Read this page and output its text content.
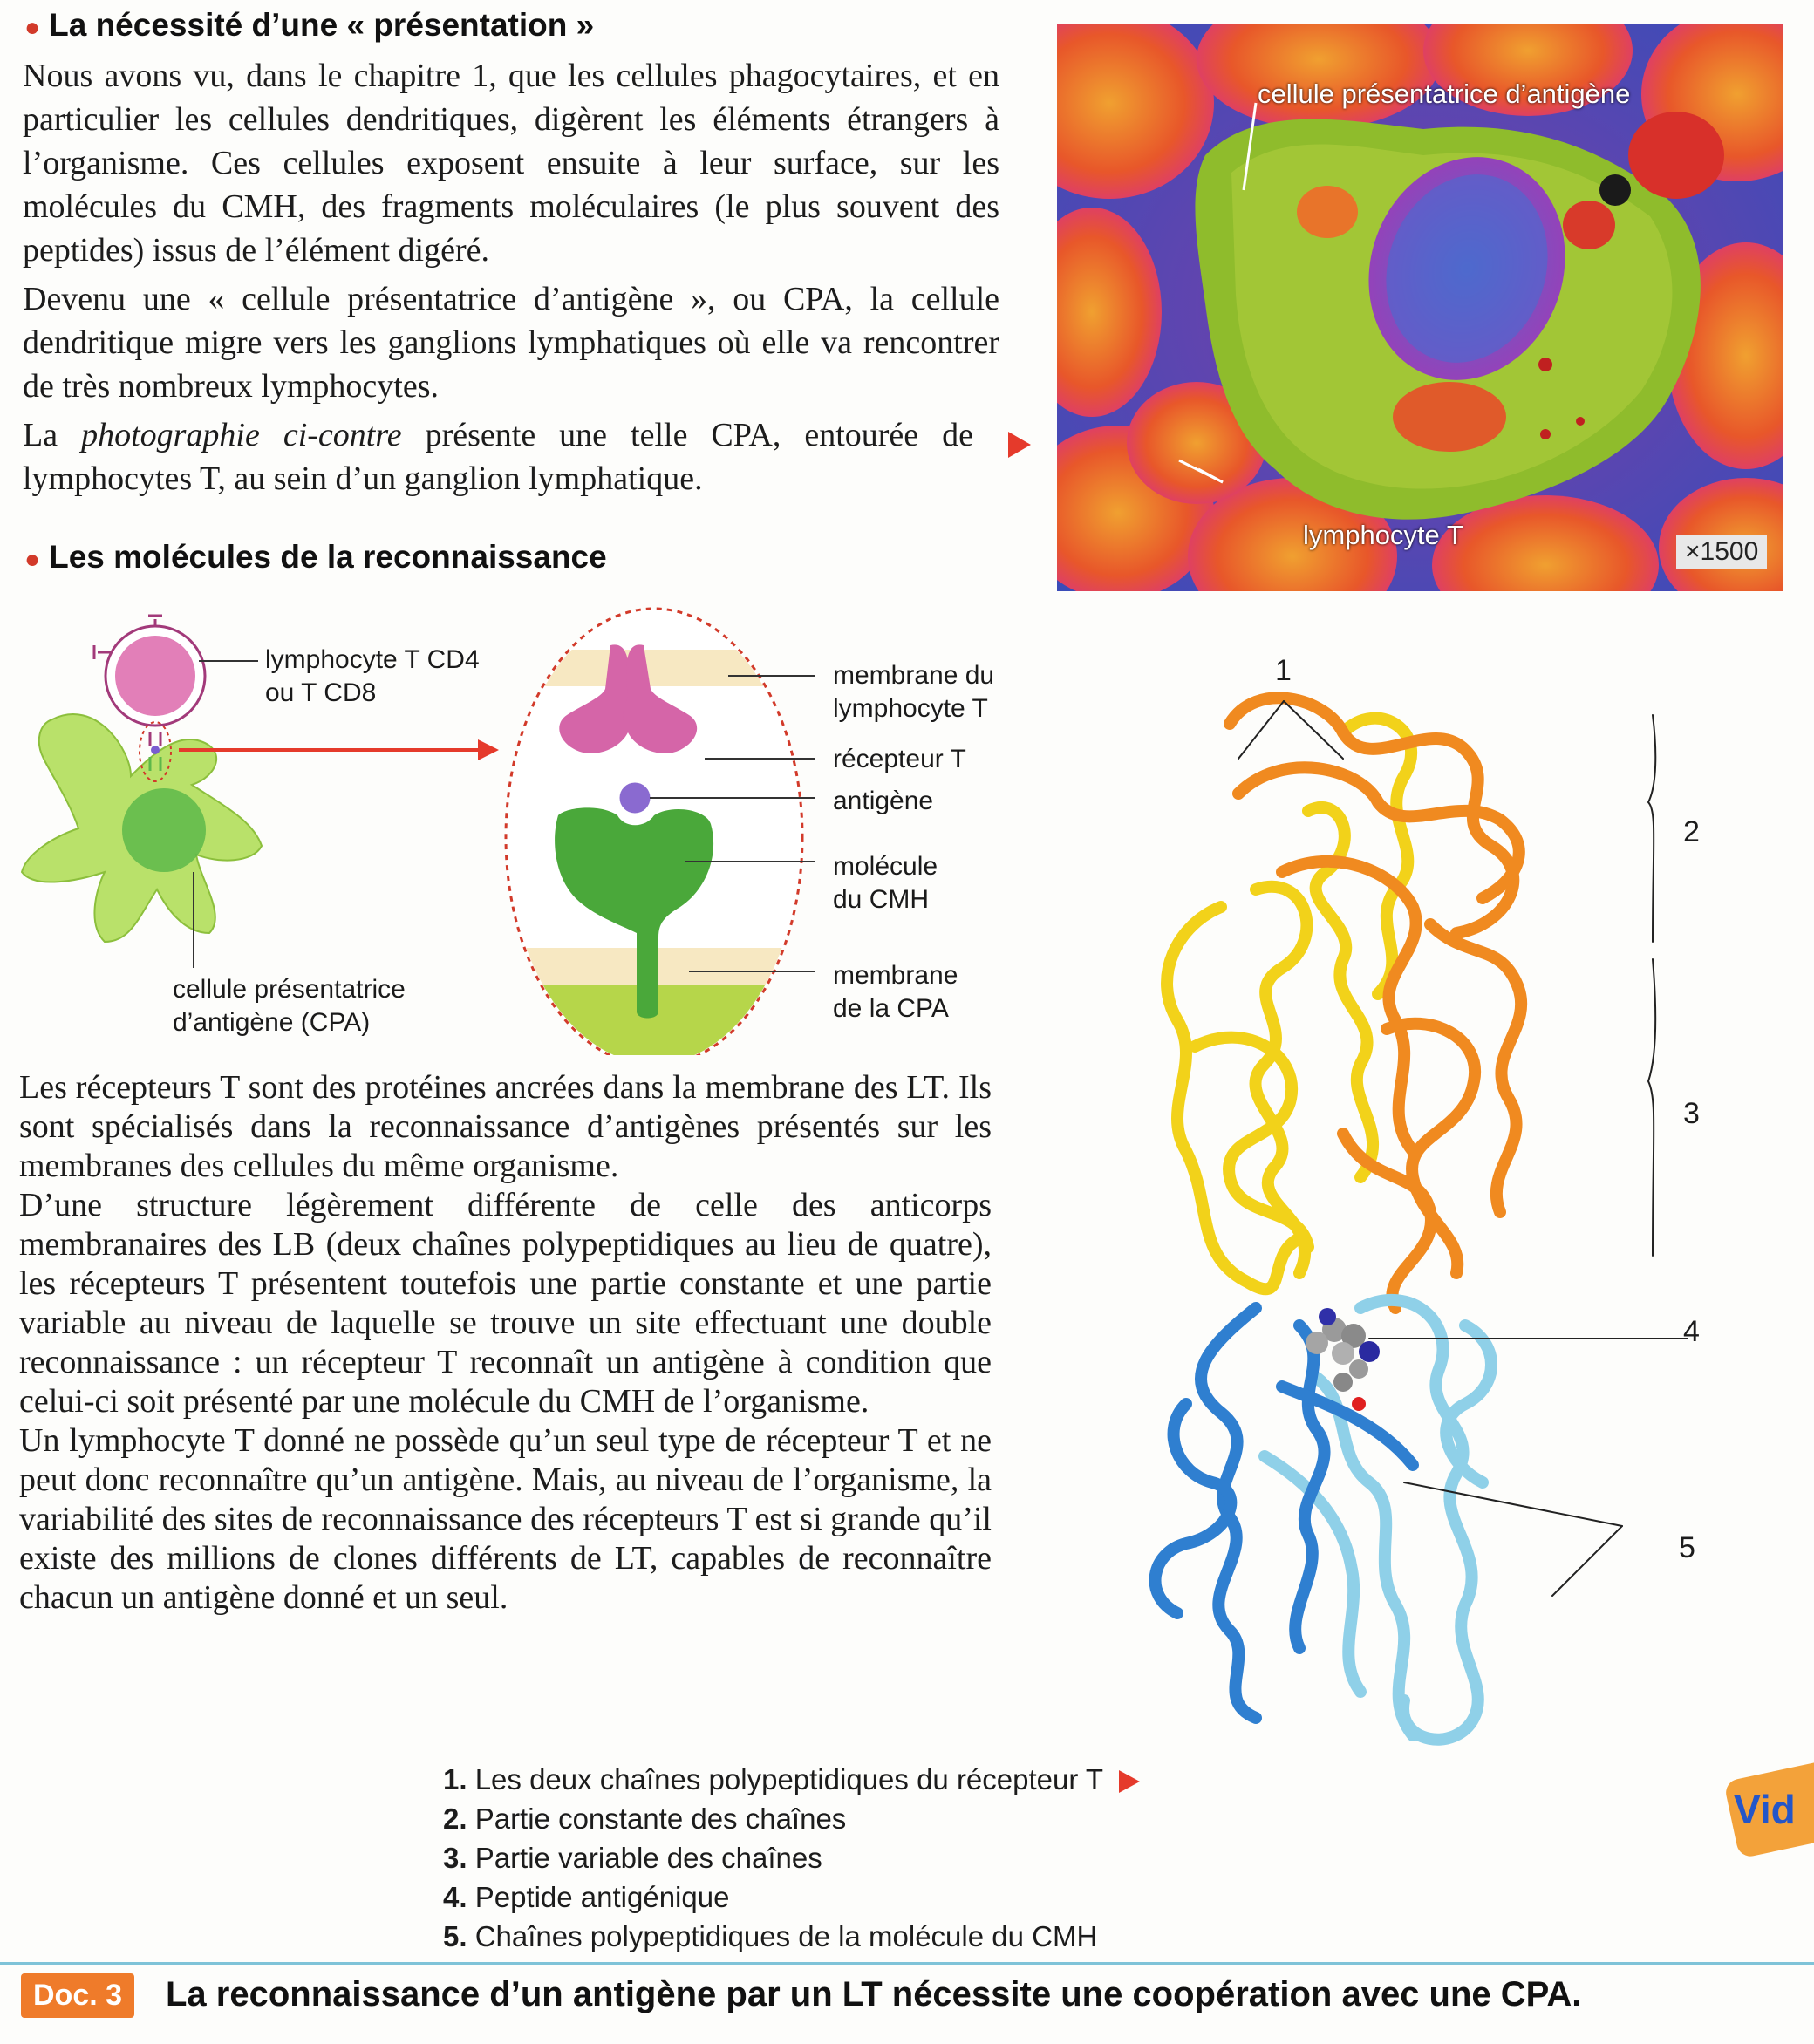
● La nécessité d’une « présentation »

Nous avons vu, dans le chapitre 1, que les cellules phagocytaires, et en particulier les cellules dendritiques, digèrent les éléments étrangers à l’organisme. Ces cellules exposent ensuite à leur surface, sur les molécules du CMH, des fragments moléculaires (le plus souvent des peptides) issus de l’élément digéré.

Devenu une « cellule présentatrice d’antigène », ou CPA, la cellule dendritique migre vers les ganglions lymphatiques où elle va rencontrer de très nombreux lymphocytes.

La photographie ci-contre présente une telle CPA, entourée de lymphocytes T, au sein d’un ganglion lymphatique.

cellule présentatrice d’antigène
lymphocyte T
×1500
● Les molécules de la reconnaissance
lymphocyte T CD4
ou T CD8
cellule présentatrice
d’antigène (CPA)
membrane du
lymphocyte T
récepteur T
antigène
molécule
du CMH
membrane
de la CPA

Les récepteurs T sont des protéines ancrées dans la membrane des LT. Ils sont spécialisés dans la reconnaissance d’antigènes présentés sur les membranes des cellules du même organisme.

D’une structure légèrement différente de celle des anticorps membranaires des LB (deux chaînes polypeptidiques au lieu de quatre), les récepteurs T présentent toutefois une partie constante et une partie variable au niveau de laquelle se trouve un site effectuant une double reconnaissance : un récepteur T reconnaît un antigène à condition que celui-ci soit présenté par une molécule du CMH de l’organisme.

Un lymphocyte T donné ne possède qu’un seul type de récepteur T et ne peut donc reconnaître qu’un antigène. Mais, au niveau de l’organisme, la variabilité des sites de reconnaissance des récepteurs T est si grande qu’il existe des millions de clones différents de LT, capables de reconnaître chacun un antigène donné et un seul.

1
2
3
4
5
1. Les deux chaînes polypeptidiques du récepteur T
2. Partie constante des chaînes
3. Partie variable des chaînes
4. Peptide antigénique
5. Chaînes polypeptidiques de la molécule du CMH
Vid
Doc. 3	La reconnaissance d’un antigène par un LT nécessite une coopération avec une CPA.
